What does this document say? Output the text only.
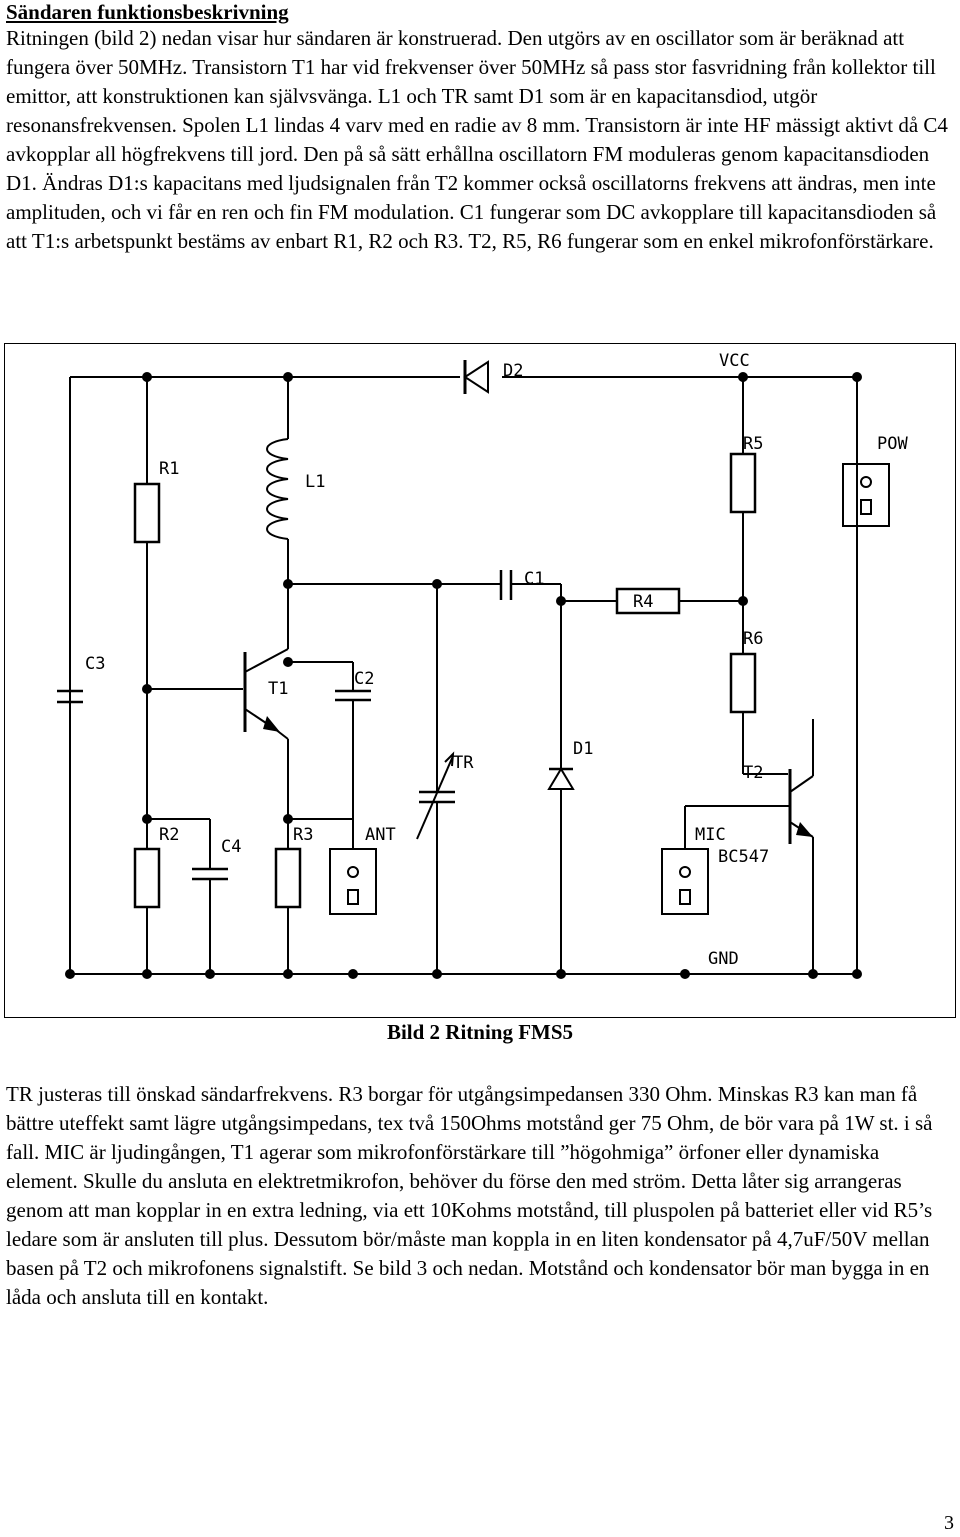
Sändaren funktionsbeskrivning
Ritningen (bild 2) nedan visar hur sändaren är konstruerad. Den utgörs av en oscillator som är beräknad att fungera över 50MHz. Transistorn T1 har vid frekvenser över 50MHz så pass stor fasvridning från kollektor till emittor, att konstruktionen kan självsvänga. L1 och TR samt D1 som är en kapacitansdiod, utgör resonansfrekvensen. Spolen L1 lindas 4 varv med en radie av 8 mm. Transistorn är inte HF mässigt aktivt då C4 avkopplar all högfrekvens till jord. Den på så sätt erhållna oscillatorn FM moduleras genom kapacitansdioden D1. Ändras D1:s kapacitans med ljudsignalen från T2 kommer också oscillatorns frekvens att ändras, men inte amplituden, och vi får en ren och fin FM modulation. C1 fungerar som DC avkopplare till kapacitansdioden så att T1:s arbetspunkt bestäms av enbart R1, R2 och R3. T2, R5, R6 fungerar som en enkel mikrofonförstärkare.
D2	VCC
R1
L1
R5	POW
C1
R4
R6
C3
T1	C2
TR
D1
T2
R2
C4
R3	ANT	MIC
BC547
GND
Bild 2 Ritning FMS5
TR justeras till önskad sändarfrekvens. R3 borgar för utgångsimpedansen 330 Ohm. Minskas R3 kan man få bättre uteffekt samt lägre utgångsimpedans, tex två 150Ohms motstånd ger 75 Ohm, de bör vara på 1W st. i så fall. MIC är ljudingången, T1 agerar som mikrofonförstärkare till ”högohmiga” örfoner eller dynamiska element. Skulle du ansluta en elektretmikrofon, behöver du förse den med ström. Detta låter sig arrangeras genom att man kopplar in en extra ledning, via ett 10Kohms motstånd, till pluspolen på batteriet eller vid R5’s ledare som är ansluten till plus. Dessutom bör/måste man koppla in en liten kondensator på 4,7uF/50V mellan basen på T2 och mikrofonens signalstift. Se bild 3 och nedan. Motstånd och kondensator bör man bygga in en låda och ansluta till en kontakt.
3
